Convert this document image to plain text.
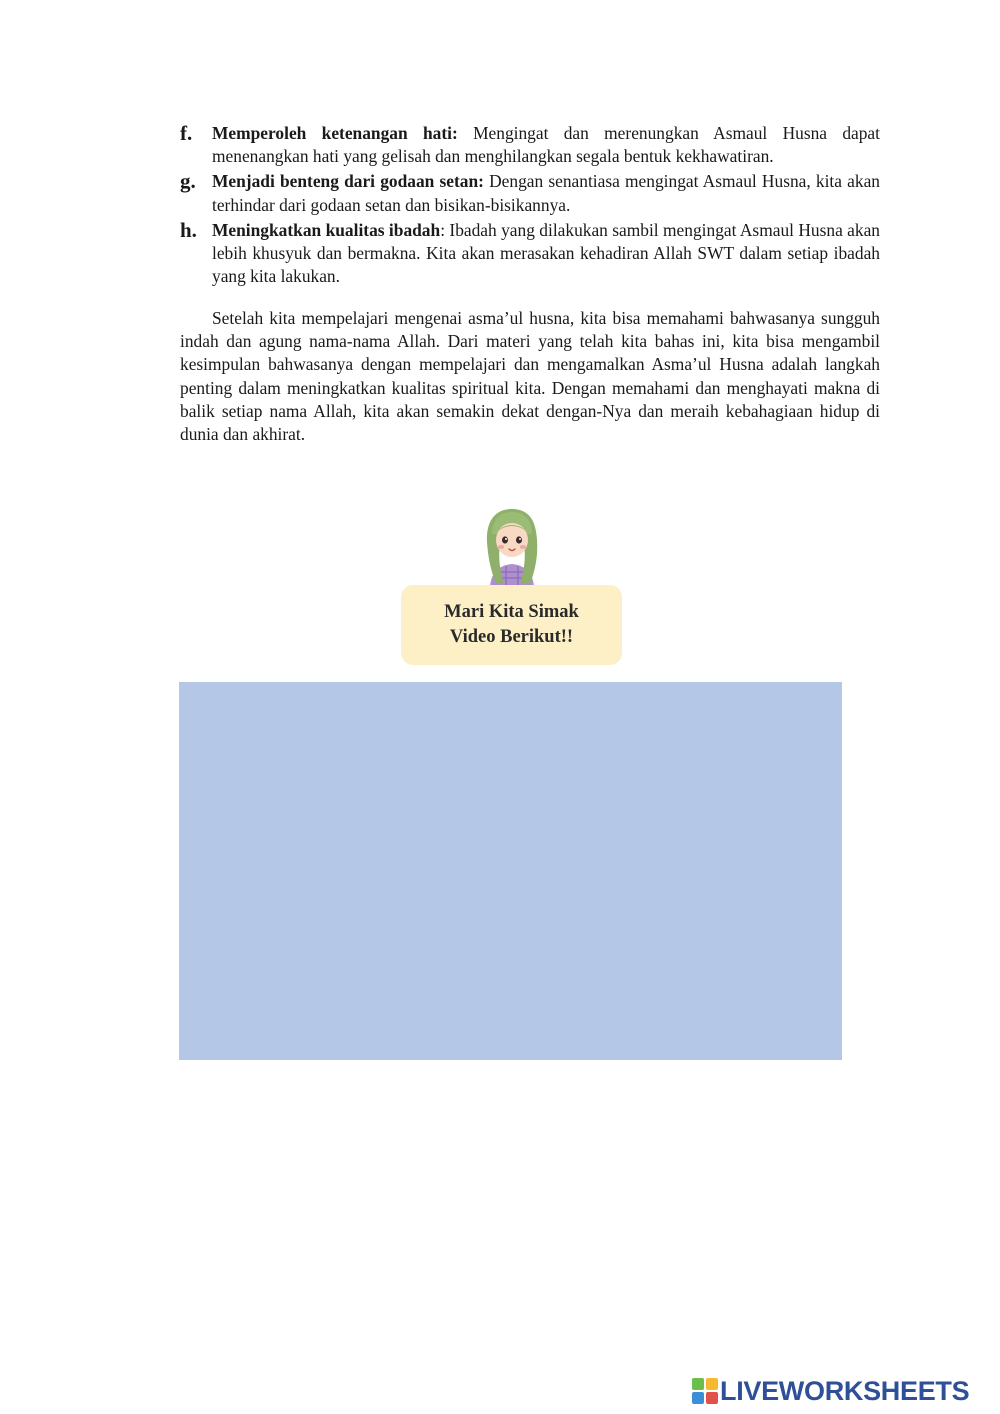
f.	Memperoleh ketenangan hati: Mengingat dan merenungkan Asmaul Husna dapat menenangkan hati yang gelisah dan menghilangkan segala bentuk kekhawatiran.
g. Menjadi benteng dari godaan setan: Dengan senantiasa mengingat Asmaul Husna, kita akan terhindar dari godaan setan dan bisikan-bisikannya.
h. Meningkatkan kualitas ibadah: Ibadah yang dilakukan sambil mengingat Asmaul Husna akan lebih khusyuk dan bermakna. Kita akan merasakan kehadiran Allah SWT dalam setiap ibadah yang kita lakukan.

Setelah kita mempelajari mengenai asma’ul husna, kita bisa memahami bahwasanya sungguh indah dan agung nama-nama Allah. Dari materi yang telah kita bahas ini, kita bisa mengambil kesimpulan bahwasanya dengan mempelajari dan mengamalkan Asma’ul Husna adalah langkah penting dalam meningkatkan kualitas spiritual kita. Dengan memahami dan menghayati makna di balik setiap nama Allah, kita akan semakin dekat dengan-Nya dan meraih kebahagiaan hidup di dunia dan akhirat.

Mari Kita Simak
Video Berikut!!
LIVEWORKSHEETS
